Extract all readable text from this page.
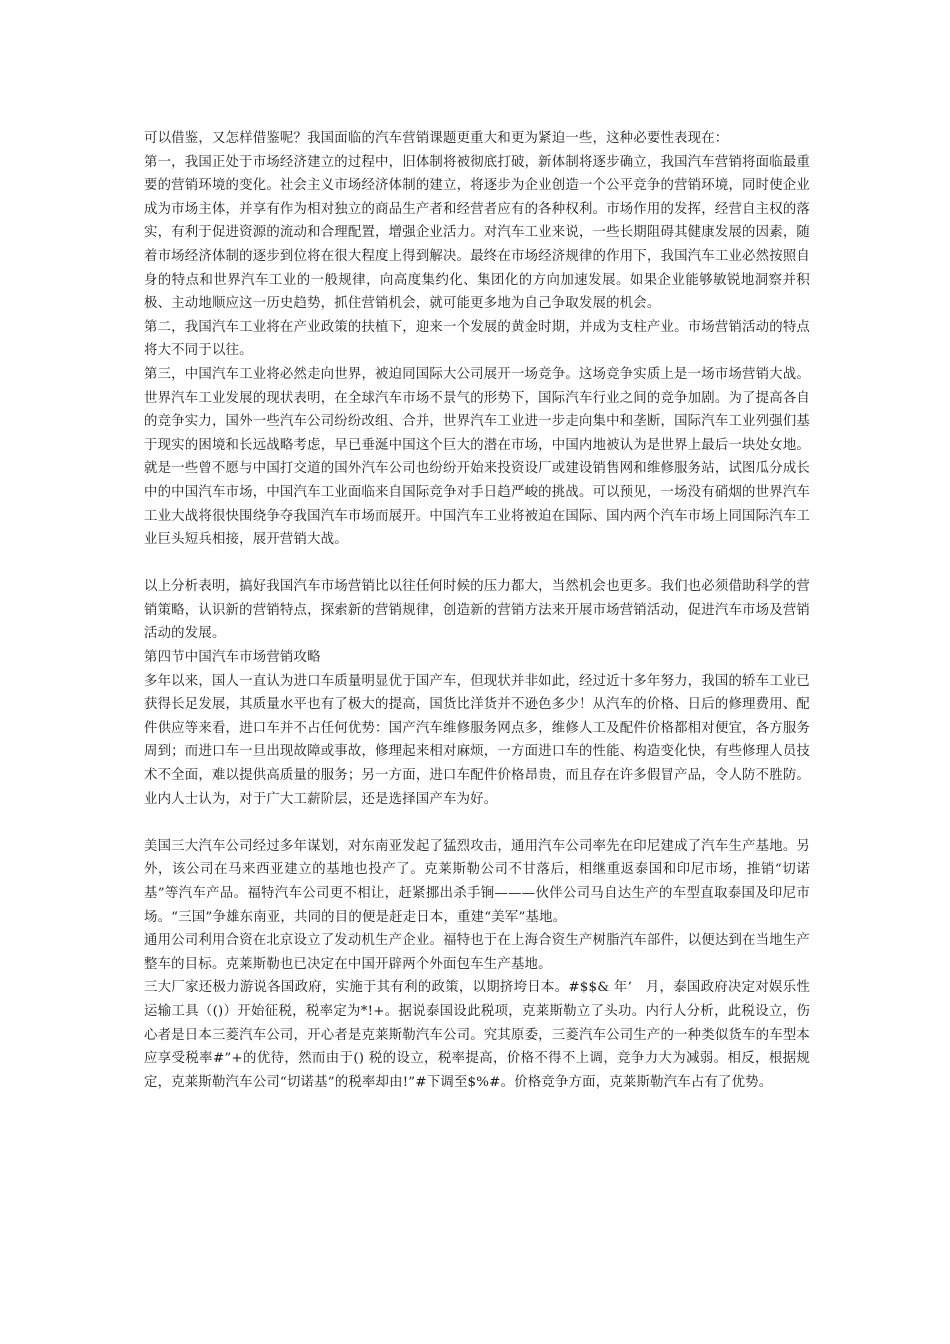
可以借鉴，又怎样借鉴呢？我国面临的汽车营销课题更重大和更为紧迫一些，这种必要性表现在：

第一，我国正处于市场经济建立的过程中，旧体制将被彻底打破，新体制将逐步确立，我国汽车营销将面临最重要的营销环境的变化。社会主义市场经济体制的建立，将逐步为企业创造一个公平竞争的营销环境，同时使企业成为市场主体，并享有作为相对独立的商品生产者和经营者应有的各种权利。市场作用的发挥，经营自主权的落实，有利于促进资源的流动和合理配置，增强企业活力。对汽车工业来说，一些长期阻碍其健康发展的因素，随着市场经济体制的逐步到位将在很大程度上得到解决。最终在市场经济规律的作用下，我国汽车工业必然按照自身的特点和世界汽车工业的一般规律，向高度集约化、集团化的方向加速发展。如果企业能够敏锐地洞察并积极、主动地顺应这一历史趋势，抓住营销机会，就可能更多地为自己争取发展的机会。

第二，我国汽车工业将在产业政策的扶植下，迎来一个发展的黄金时期，并成为支柱产业。市场营销活动的特点将大不同于以往。

第三，中国汽车工业将必然走向世界，被迫同国际大公司展开一场竞争。这场竞争实质上是一场市场营销大战。

世界汽车工业发展的现状表明，在全球汽车市场不景气的形势下，国际汽车行业之间的竞争加剧。为了提高各自的竞争实力，国外一些汽车公司纷纷改组、合并，世界汽车工业进一步走向集中和垄断，国际汽车工业列强们基于现实的困境和长远战略考虑，早已垂涎中国这个巨大的潜在市场，中国内地被认为是世界上最后一块处女地。就是一些曾不愿与中国打交道的国外汽车公司也纷纷开始来投资设厂或建设销售网和维修服务站，试图瓜分成长中的中国汽车市场，中国汽车工业面临来自国际竞争对手日趋严峻的挑战。可以预见，一场没有硝烟的世界汽车工业大战将很快围绕争夺我国汽车市场而展开。中国汽车工业将被迫在国际、国内两个汽车市场上同国际汽车工业巨头短兵相接，展开营销大战。

以上分析表明，搞好我国汽车市场营销比以往任何时候的压力都大，当然机会也更多。我们也必须借助科学的营销策略，认识新的营销特点，探索新的营销规律，创造新的营销方法来开展市场营销活动，促进汽车市场及营销活动的发展。

第四节中国汽车市场营销攻略

多年以来，国人一直认为进口车质量明显优于国产车，但现状并非如此，经过近十多年努力，我国的轿车工业已获得长足发展，其质量水平也有了极大的提高，国货比洋货并不逊色多少！从汽车的价格、日后的修理费用、配件供应等来看，进口车并不占任何优势：国产汽车维修服务网点多，维修人工及配件价格都相对便宜，各方服务周到；而进口车一旦出现故障或事故，修理起来相对麻烦，一方面进口车的性能、构造变化快，有些修理人员技术不全面，难以提供高质量的服务；另一方面，进口车配件价格昂贵，而且存在许多假冒产品，令人防不胜防。业内人士认为，对于广大工薪阶层，还是选择国产车为好。

美国三大汽车公司经过多年谋划，对东南亚发起了猛烈攻击，通用汽车公司率先在印尼建成了汽车生产基地。另外，该公司在马来西亚建立的基地也投产了。克莱斯勒公司不甘落后，相继重返泰国和印尼市场，推销“切诺基”等汽车产品。福特汽车公司更不相让，赶紧挪出杀手锏———伙伴公司马自达生产的车型直取泰国及印尼市场。“三国”争雄东南亚，共同的目的便是赶走日本，重建“美军”基地。

通用公司利用合资在北京设立了发动机生产企业。福特也于在上海合资生产树脂汽车部件，以便达到在当地生产整车的目标。克莱斯勒也已决定在中国开辟两个外面包车生产基地。

三大厂家还极力游说各国政府，实施于其有利的政策，以期挤垮日本。#$$& 年’　月，泰国政府决定对娱乐性运输工具（()）开始征税，税率定为*!+。据说泰国设此税项，克莱斯勒立了头功。内行人分析，此税设立，伤心者是日本三菱汽车公司，开心者是克莱斯勒汽车公司。究其原委，三菱汽车公司生产的一种类似货车的车型本应享受税率#”+的优待，然而由于() 税的设立，税率提高，价格不得不上调，竞争力大为减弱。相反，根据规定，克莱斯勒汽车公司“切诺基”的税率却由!”#下调至$%#。价格竞争方面，克莱斯勒汽车占有了优势。
